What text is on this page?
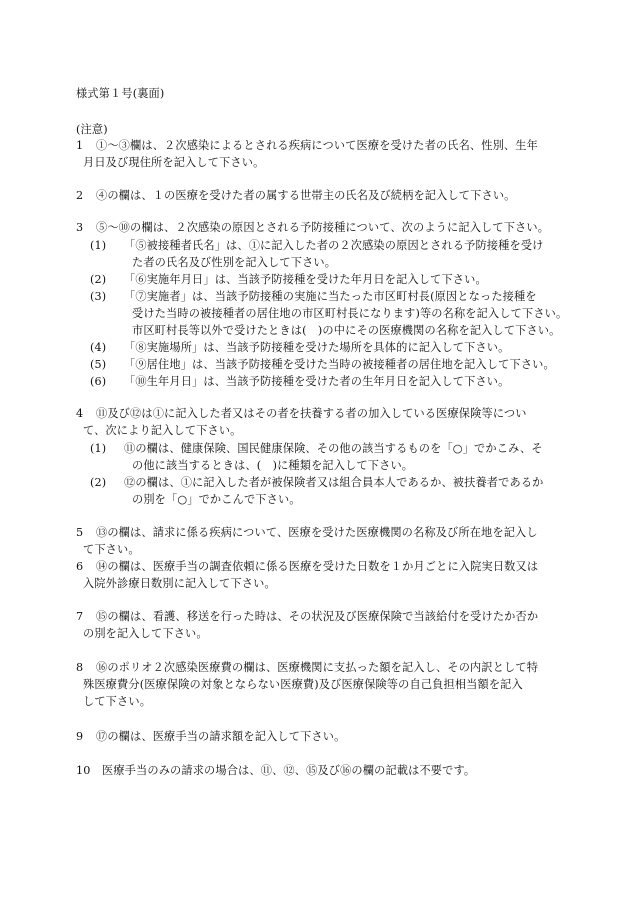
様式第１号(裏面)
(注意)
1 ①～③欄は、２次感染によるとされる疾病について医療を受けた者の氏名、性別、生年
月日及び現住所を記入して下さい。
2 ④の欄は、１の医療を受けた者の属する世帯主の氏名及び続柄を記入して下さい。
3 ⑤～⑩の欄は、２次感染の原因とされる予防接種について、次のように記入して下さい。
(1) 「⑤被接種者氏名」は、①に記入した者の２次感染の原因とされる予防接種を受け
た者の氏名及び性別を記入して下さい。
(2) 「⑥実施年月日」は、当該予防接種を受けた年月日を記入して下さい。
(3) 「⑦実施者」は、当該予防接種の実施に当たった市区町村長(原因となった接種を
受けた当時の被接種者の居住地の市区町村長になります)等の名称を記入して下さい。
市区町村長等以外で受けたときは(　)の中にその医療機関の名称を記入して下さい。
(4) 「⑧実施場所」は、当該予防接種を受けた場所を具体的に記入して下さい。
(5) 「⑨居住地」は、当該予防接種を受けた当時の被接種者の居住地を記入して下さい。
(6) 「⑩生年月日」は、当該予防接種を受けた者の生年月日を記入して下さい。
4 ⑪及び⑫は①に記入した者又はその者を扶養する者の加入している医療保険等につい
て、次により記入して下さい。
(1) ⑪の欄は、健康保険、国民健康保険、その他の該当するものを「○」でかこみ、そ
の他に該当するときは、(　)に種類を記入して下さい。
(2) ⑫の欄は、①に記入した者が被保険者又は組合員本人であるか、被扶養者であるか
の別を「○」でかこんで下さい。
5 ⑬の欄は、請求に係る疾病について、医療を受けた医療機関の名称及び所在地を記入し
て下さい。
6 ⑭の欄は、医療手当の調査依頼に係る医療を受けた日数を１か月ごとに入院実日数又は
入院外診療日数別に記入して下さい。
7 ⑮の欄は、看護、移送を行った時は、その状況及び医療保険で当該給付を受けたか否か
の別を記入して下さい。
8 ⑯のポリオ２次感染医療費の欄は、医療機関に支払った額を記入し、その内訳として特
殊医療費分(医療保険の対象とならない医療費)及び医療保険等の自己負担相当額を記入
して下さい。
9 ⑰の欄は、医療手当の請求額を記入して下さい。
10 医療手当のみの請求の場合は、⑪、⑫、⑮及び⑯の欄の記載は不要です。
